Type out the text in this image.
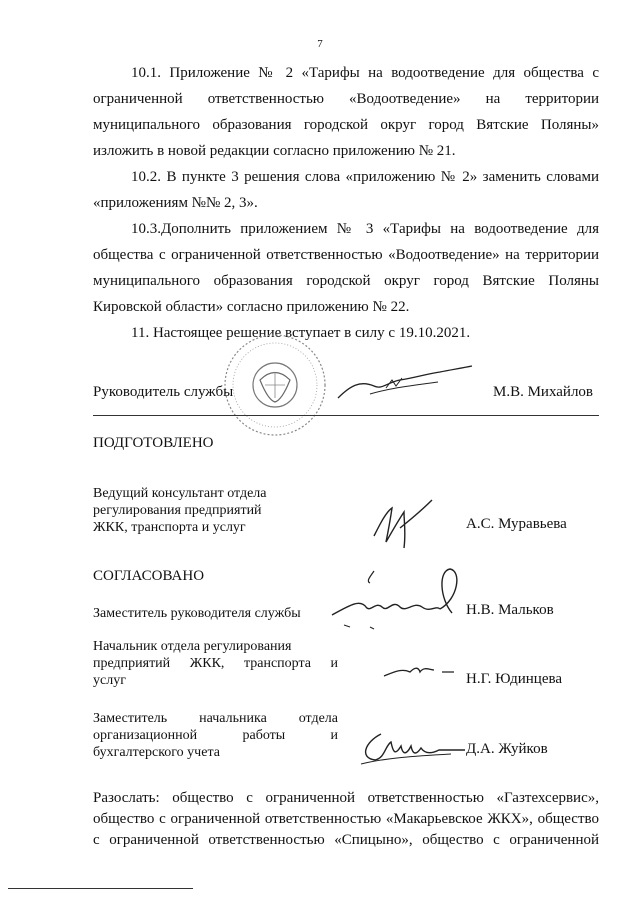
7
10.1. Приложение № 2 «Тарифы на водоотведение для общества с
ограниченной ответственностью «Водоотведение» на территории
муниципального образования городской округ город Вятские Поляны»
изложить в новой редакции согласно приложению № 21.
10.2. В пункте 3 решения слова «приложению № 2» заменить словами
«приложениям №№ 2, 3».
10.3.Дополнить приложением № 3 «Тарифы на водоотведение для
общества с ограниченной ответственностью «Водоотведение» на территории
муниципального образования городской округ город Вятские Поляны
Кировской области» согласно приложению № 22.
11. Настоящее решение вступает в силу с 19.10.2021.
Руководитель службы	М.В. Михайлов
ПОДГОТОВЛЕНО
Ведущий консультант отдела
регулирования предприятий
ЖКК, транспорта и услуг	А.С. Муравьева
СОГЛАСОВАНО
Заместитель руководителя службы	Н.В. Мальков
Начальник отдела регулирования
предприятий ЖКК, транспорта и
услуг	Н.Г. Юдинцева
Заместитель начальника отдела
организационной работы и
бухгалтерского учета	Д.А. Жуйков
Разослать: общество с ограниченной ответственностью «Газтехсервис»,
общество с ограниченной ответственностью «Макарьевское ЖКХ», общество
с ограниченной ответственностью «Спицыно», общество с ограниченной
